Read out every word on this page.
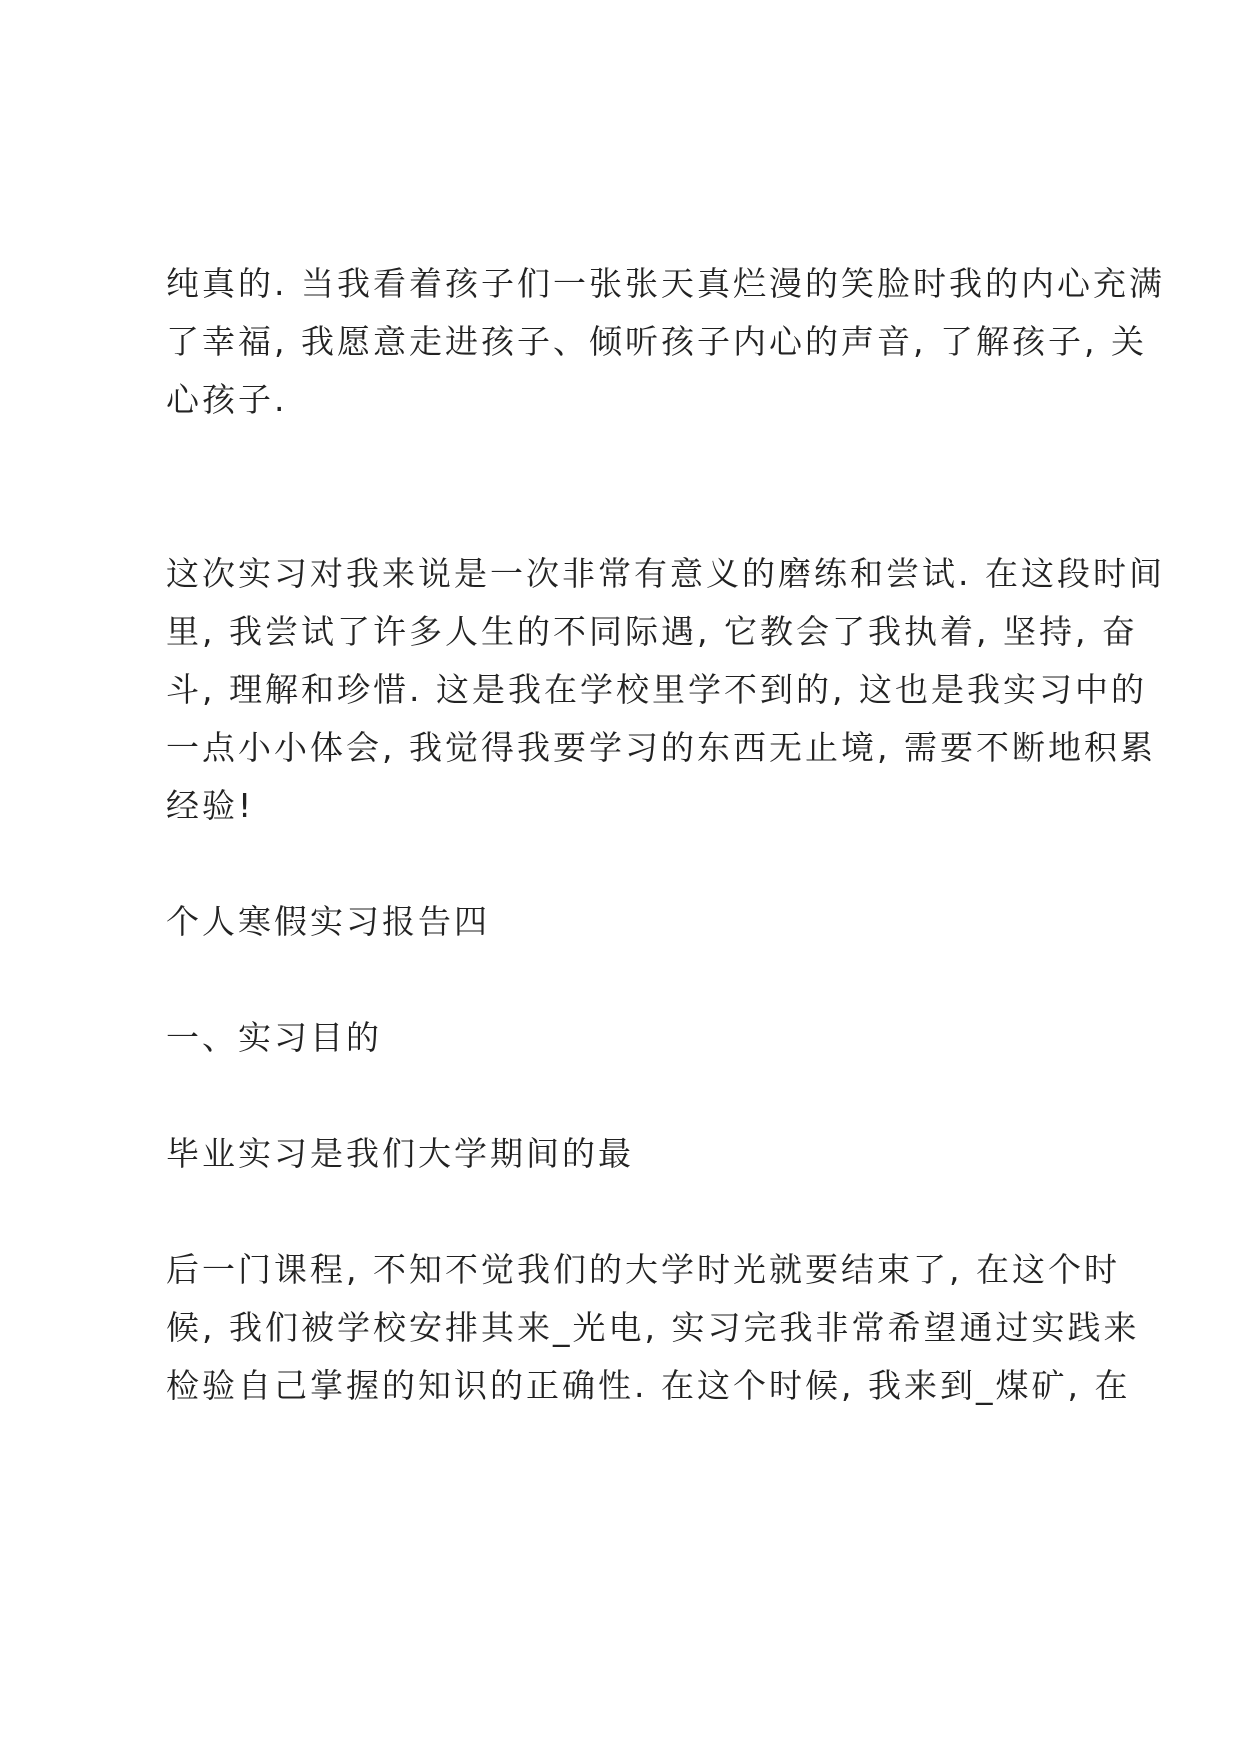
纯真的. 当我看着孩子们一张张天真烂漫的笑脸时我的内心充满

了幸福, 我愿意走进孩子、倾听孩子内心的声音, 了解孩子, 关

心孩子.

这次实习对我来说是一次非常有意义的磨练和尝试. 在这段时间

里, 我尝试了许多人生的不同际遇, 它教会了我执着, 坚持, 奋

斗, 理解和珍惜. 这是我在学校里学不到的, 这也是我实习中的

一点小小体会, 我觉得我要学习的东西无止境, 需要不断地积累

经验!

个人寒假实习报告四

一、实习目的

毕业实习是我们大学期间的最

后一门课程, 不知不觉我们的大学时光就要结束了, 在这个时

候, 我们被学校安排其来_光电, 实习完我非常希望通过实践来

检验自己掌握的知识的正确性. 在这个时候, 我来到_煤矿, 在
